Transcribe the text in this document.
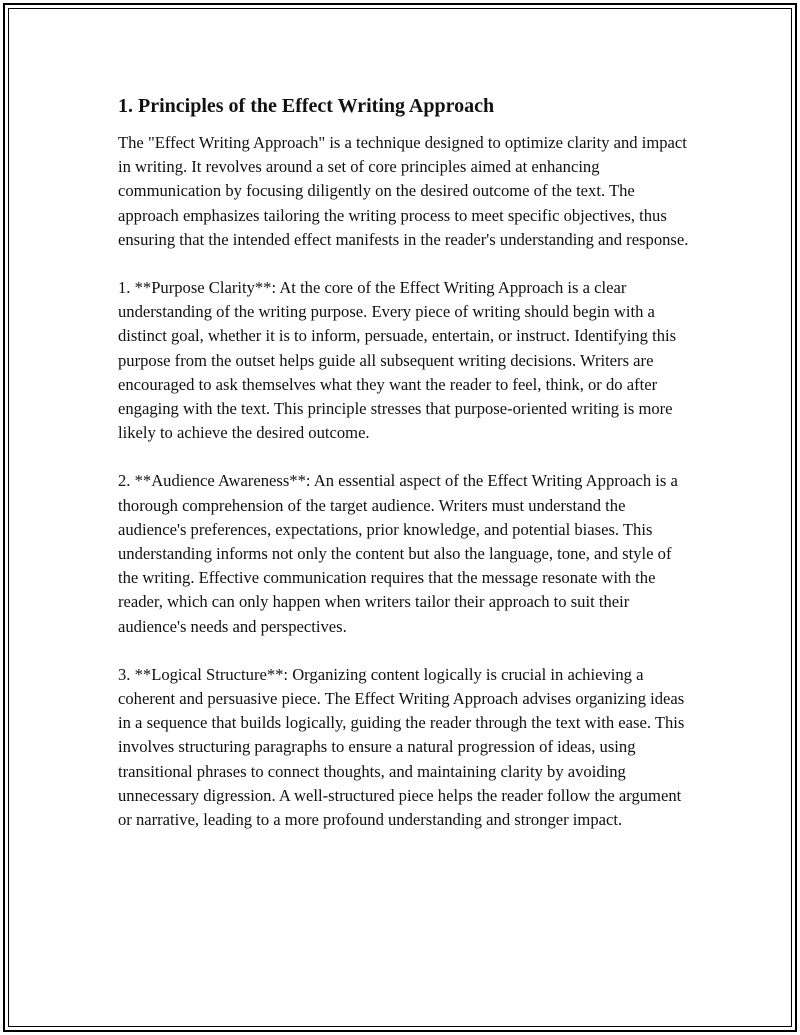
1. Principles of the Effect Writing Approach

The "Effect Writing Approach" is a technique designed to optimize clarity and impact in writing. It revolves around a set of core principles aimed at enhancing communication by focusing diligently on the desired outcome of the text. The approach emphasizes tailoring the writing process to meet specific objectives, thus ensuring that the intended effect manifests in the reader's understanding and response.

1. **Purpose Clarity**: At the core of the Effect Writing Approach is a clear understanding of the writing purpose. Every piece of writing should begin with a distinct goal, whether it is to inform, persuade, entertain, or instruct. Identifying this purpose from the outset helps guide all subsequent writing decisions. Writers are encouraged to ask themselves what they want the reader to feel, think, or do after engaging with the text. This principle stresses that purpose-oriented writing is more likely to achieve the desired outcome.

2. **Audience Awareness**: An essential aspect of the Effect Writing Approach is a thorough comprehension of the target audience. Writers must understand the audience's preferences, expectations, prior knowledge, and potential biases. This understanding informs not only the content but also the language, tone, and style of the writing. Effective communication requires that the message resonate with the reader, which can only happen when writers tailor their approach to suit their audience's needs and perspectives.

3. **Logical Structure**: Organizing content logically is crucial in achieving a coherent and persuasive piece. The Effect Writing Approach advises organizing ideas in a sequence that builds logically, guiding the reader through the text with ease. This involves structuring paragraphs to ensure a natural progression of ideas, using transitional phrases to connect thoughts, and maintaining clarity by avoiding unnecessary digression. A well-structured piece helps the reader follow the argument or narrative, leading to a more profound understanding and stronger impact.
